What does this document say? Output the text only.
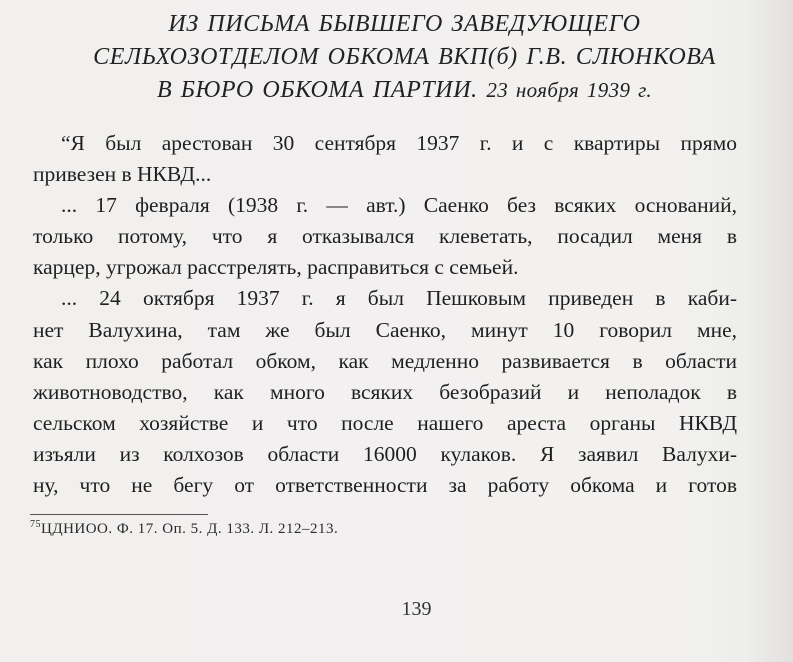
ИЗ ПИСЬМА БЫВШЕГО ЗАВЕДУЮЩЕГО
СЕЛЬХОЗОТДЕЛОМ ОБКОМА ВКП(б) Г.В. СЛЮНКОВА
В БЮРО ОБКОМА ПАРТИИ. 23 ноября 1939 г.
“Я был арестован 30 сентября 1937 г. и с квартиры прямо
привезен в НКВД...
... 17 февраля (1938 г. — авт.) Саенко без всяких оснований,
только потому, что я отказывался клеветать, посадил меня в
карцер, угрожал расстрелять, расправиться с семьей.
... 24 октября 1937 г. я был Пешковым приведен в каби-
нет Валухина, там же был Саенко, минут 10 говорил мне,
как плохо работал обком, как медленно развивается в области
животноводство, как много всяких безобразий и неполадок в
сельском хозяйстве и что после нашего ареста органы НКВД
изъяли из колхозов области 16000 кулаков. Я заявил Валухи-
ну, что не бегу от ответственности за работу обкома и готов
$^{75}$ЦДНИОО. Ф. 17. Оп. 5. Д. 133. Л. 212–213.
139
